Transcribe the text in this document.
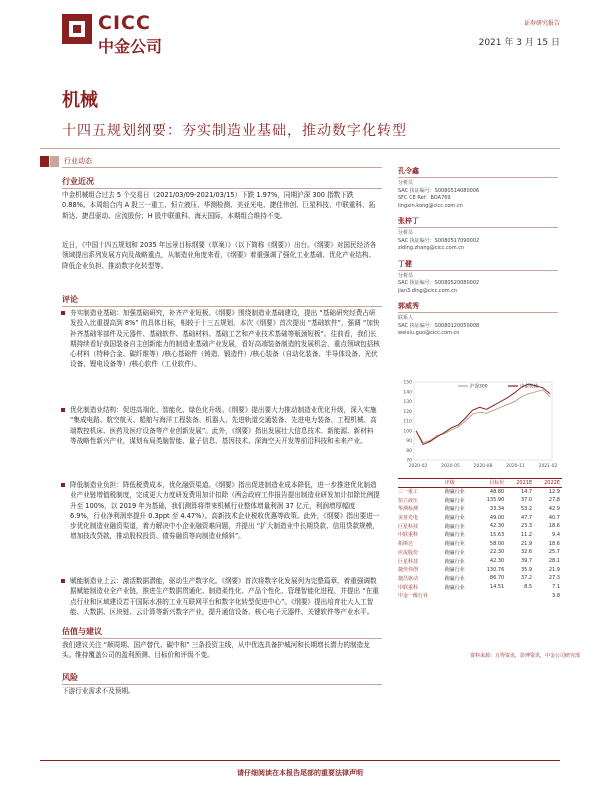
CICC
中金公司
证券研究报告
2021 年 3 月 15 日
机械
十四五规划纲要：夯实制造业基础，推动数字化转型
行业动态
行业近况
中金机械组合过去 5 个交易日（2021/03/09-2021/03/15）下跌 1.97%，同期沪深 300 指数下跌 0.88%。本周组合内 A 股三一重工、恒立液压、华测检测、美亚光电、捷佳伟创、巨星科技、中联重科、拓斯达、捷昌驱动、应流股份；H 股中联重科、海天国际，本期组合维持不变。
近日，《中国十四五规划和 2035 年远景目标纲要（草案）》（以下简称《纲要》）出台。《纲要》对国民经济各领域提出系列发展方向及战略重点，从制造业角度来看，《纲要》着重强调了强化工业基础、优化产业结构、降低企业负担、推动数字化转型等。
评论
夯实制造业基础：加强基础研究，补齐产业短板。《纲要》围绕制造业基础建设，提出 “基础研究经费占研发投入比重提高到 8%” 的具体目标，相较于十三五规划，本次《纲要》首次提出 “基础软件”，强调 “加快补齐基础零部件及元器件、基础软件、基础材料、基础工艺和产业技术基础等瓶颈短板”。往前看，我们长期持续看好我国装备自主创新能力的制造业基础产业发展，看好高端装备制造的发展机会，重点领域包括核心材料（特种合金、碳纤维等）/核心基础件（铸造、锻造件）/核心装备（自动化装备、半导体设备、光伏设备、锂电设备等）/核心软件（工业软件）。
优化制造业结构：促进高端化、智能化、绿色化升级。《纲要》提出要大力推动制造业优化升级，深入实施 “集成电路、航空航天、船舶与海洋工程装备、机器人、先进轨道交通装备、先进电力装备、工程机械、高端数控机床、医药及医疗设备等产业创新发展”。此外，《纲要》指出发展壮大信息技术、新能源、新材料等战略性新兴产业，谋划布局类脑智能、量子信息、基因技术、深海空天开发等前沿科技和未来产业。
降低制造业负担：降低税费成本，优化融资渠道。《纲要》指出促进制造业成本降低，进一步推进优化制造业产业链增值税制度，完成更大力度研发费用加计扣除（两会政府工作报告提出制造业研发加计扣除比例提升至 100%，以 2019 年为基础，我们测算将带来机械行业整体增量利润 37 亿元，利润增厚幅度 6.9%，行业净利润率提升 0.3ppt 至 4.47%）。高新技术企业税收优惠等政策。此外，《纲要》指出要进一步优化制造业融资渠道，着力解决中小企业融资难问题，并提出 “扩大制造业中长期贷款、信用贷款规模，增加技改贷款，推动股权投资、债券融资等向制造业倾斜”。
赋能制造业上云：激活数据潜能，驱动生产数字化。《纲要》首次将数字化发展列为完整篇章，着重强调数据赋能制造业全产业链，推进生产数据贯通化、制造柔性化、产品个性化、管理智能化进程，并提出 “在重点行业和区域建设若干国际水准的工业互联网平台和数字化转型促进中心”。《纲要》提出培育壮大人工智能、大数据、区块链、云计算等新兴数字产业，提升通信设备、核心电子元器件、关键软件等产业水平。
估值与建议
我们建议关注 “顺周期、国产替代、碳中和” 三条投资主线，从中优选具备护城河和长期增长潜力的制造龙头。维持覆盖公司的盈利预测、目标价和评级不变。
风险
下游行业需求不及预期。
孔令鑫
分析员
SAC 执证编号：S0080514080006
SFC CE Ref：BOA769
lingxin.kong@cicc.com.cn
张梓丁
分析员
SAC 执证编号：S0080517090002
ziding.zhang@cicc.com.cn
丁健
分析员
SAC 执证编号：S0080520080002
jian3.ding@cicc.com.cn
郭威秀
联系人
SAC 执证编号：S0080120050008
weixiu.guo@cicc.com.cn
70
80
90
100
110
120
130
140
150
2020-02	2020-05	2020-08	2020-11	2021-02
沪深300	中金机械
		评级	目标价	2021E	2022E
三一重工		跑赢行业	48.80	14.7	12.9
恒立液压		跑赢行业	135.90	37.0	27.8
华测检测		跑赢行业	33.34	53.2	42.9
美亚光电		跑赢行业	49.00	47.7	40.7
巨星科技		跑赢行业	42.30	23.3	18.6
中联重科		跑赢行业	15.63	11.2	9.4
拓斯达		跑赢行业	58.00	21.9	18.6
应流股份		跑赢行业	22.30	32.6	25.7
巨星科技		跑赢行业	42.30	39.7	28.1
捷佳伟创		跑赢行业	130.76	35.9	21.9
捷昌驱动		跑赢行业	86.70	37.2	27.3
中联重科		跑赢行业	14.51	8.5	7.1
中金一级行业					3.8
资料来源：万得资讯，彭博资讯，中金公司研究部
请仔细阅读在本报告尾部的重要法律声明
